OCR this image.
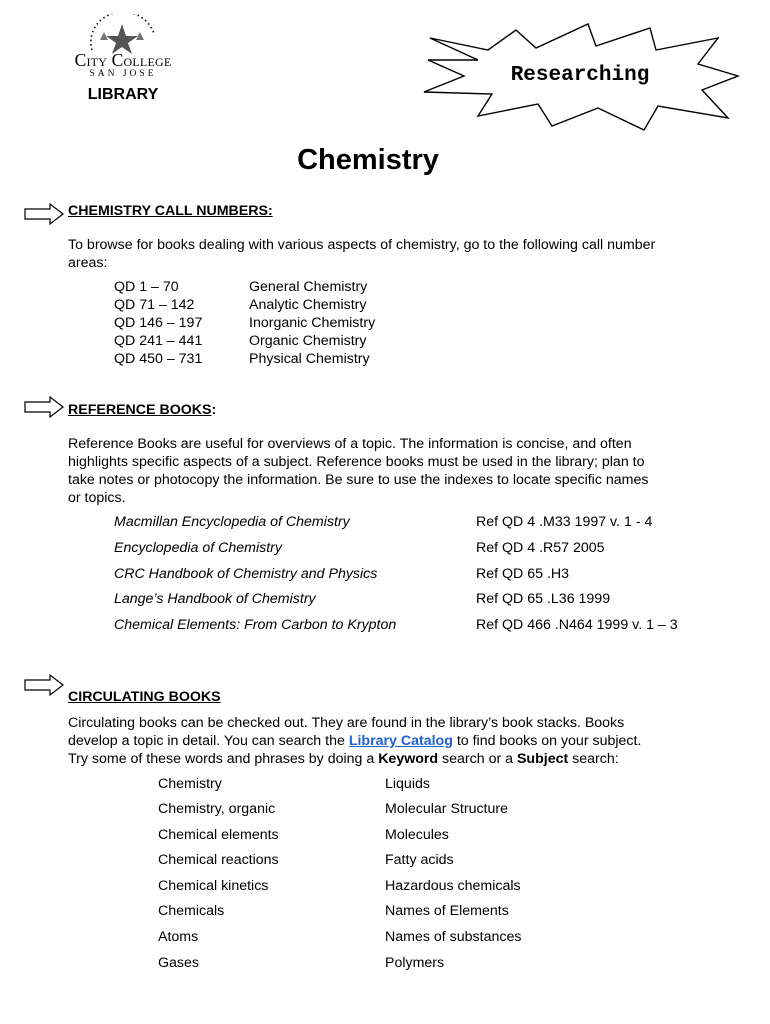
City College
SAN JOSE
LIBRARY
Researching
Chemistry
CHEMISTRY CALL NUMBERS:
To browse for books dealing with various aspects of chemistry, go to the following call number
areas:
QD 1 – 70	General Chemistry
QD 71 – 142	Analytic Chemistry
QD 146 – 197	Inorganic Chemistry
QD 241 – 441	Organic Chemistry
QD 450 – 731	Physical Chemistry
REFERENCE BOOKS:
Reference Books are useful for overviews of a topic. The information is concise, and often
highlights specific aspects of a subject. Reference books must be used in the library; plan to
take notes or photocopy the information. Be sure to use the indexes to locate specific names
or topics.
Macmillan Encyclopedia of Chemistry	Ref QD 4 .M33 1997 v. 1 - 4
Encyclopedia of Chemistry	Ref QD 4 .R57 2005
CRC Handbook of Chemistry and Physics	Ref QD 65 .H3
Lange’s Handbook of Chemistry	Ref QD 65 .L36 1999
Chemical Elements: From Carbon to Krypton	Ref QD 466 .N464 1999 v. 1 – 3
CIRCULATING BOOKS
Circulating books can be checked out. They are found in the library’s book stacks. Books
develop a topic in detail. You can search the Library Catalog to find books on your subject.
Try some of these words and phrases by doing a Keyword search or a Subject search:
Chemistry	Liquids
Chemistry, organic	Molecular Structure
Chemical elements	Molecules
Chemical reactions	Fatty acids
Chemical kinetics	Hazardous chemicals
Chemicals	Names of Elements
Atoms	Names of substances
Gases	Polymers
